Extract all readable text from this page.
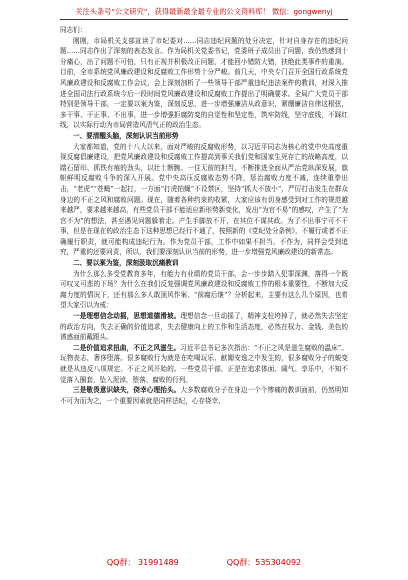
关注头条号“公文研究”，获得最新最全最专业的公文资料库！ 微信：gongwenyj
同志们：

刚刚，市局机关支部宣读了市纪委对……同志违纪问题的处分决定，针对自身存在的违纪问题……同志作出了深刻的表态发言。作为局机关党委书记，党委班子成员出了问题，我仍然感到十分痛心，出了问题不可怕，只有正视并积极改正问题，才能回小错防大错，扶绝此类事件的重演。目前，全市系统党风廉政建设和反腐败工作形势十分严峻。前几天，中央专门召开全国行政系统党风廉政建设和反腐败工作会议，会上深刻剖析了一些领导干部严重违纪违法案件的教训，对深入推进全国司法行政系统今后一段时间党风廉政建设和反腐败工作提出了明确要求。全局广大党员干部特别是领导干部，一定要以案为鉴，深刻反思，进一步增强廉洁从政意识，紧绷廉洁自律这根弦，多干事、干正事、不出事，进一步增强拒腐防变的自觉性和坚定性，筑牢防线，坚守底线，不踩红线，以实际行动为市局营造风清气正的政治生态。

一、要清醒头脑，深刻认识当前形势

大家都知道，党的十八大以来，面对严峻的反腐败形势，以习近平同志为核心的党中央高度重视反腐倡廉建设，把党风廉政建设和反腐败工作提高到事关我们党和国家生死存亡的战略高度，以踏石留印、抓铁有痕的劲头，以壮士断腕、一往无前的担当，不断推进全面从严治党纵深发展，旗帜鲜明反腐败斗争的深入开展。党中央高压反腐败态势不降，惩治腐败力度不减，连续重拳出击，“老虎”“苍蝇”一起打，一方面“打虎拍蝇”不设禁区，坚持“抓大不放小”，严厉打击发生在群众身边的不正之风和腐败问题。现在，随着各种约束的收紧，大家应该有切身感受到对工作的规范越来越严，要求越来越高，有些党员干部不能适应新形势新变化，发出“为官不易”的感叹，产生了“为官不为”的想法，甚至遇见问题躲着走。产生手脚放不开，在其位不谋其政。为了不出事宁可不干事，但是在现在的政治生态下这种思想已经行不通了，按照新的《党纪处分条例》，不履行或者不正确履行职责，就可能构成违纪行为。作为党员干部，工作中如果不担当、不作为，同样会受到追究，严重的还要问责，所以，我们要深刻认识当前的形势，进一步增强党风廉政建设的新常态。

二、要以案为鉴，深刻汲取沉痛教训

为什么那么多受党教育多年，有能力有业绩的党员干部，会一步步踏入犯罪深渊，落得一个既可叹又可悲的下场？为什么在我们反复强调党风廉政建设和反腐败工作的根本重要性，不断加大反腐力度的情况下，还有那么多人敢顶风作案、“前腐后继”？分析起来，主要有这么几个原因，也希望大家引以为戒：

一是理想信念动摇，思想道德滑坡。理想信念一旦动摇了，精神支柱垮掉了，就必然失去坚定的政治方向，失去正确的价值追求，失去健康向上的工作和生活态度，必然在权力、金钱、美色的诱惑面前戴跟头。

二是价值追求扭曲，不正之风滋生。习近平总书记多次指出：“不正之风是滋生腐败的温床”。玩物丧志，奢侈堕落。很多腐败行为就是在吃喝玩乐、献媚安逸之中发生的，很多腐败分子的蜕变就是从违反八项规定、不正之风开始的。一些党员干部，正是在追求体面、阔气、享乐中，不知不觉落入圈套，坠入泥淖，堕落、腐败的行列。

三是敬畏意识缺失，侥幸心理抬头。大多数腐败分子在身边一个个惨痛的教训面前，仍然明知不可为而为之，一个重要因素就是同样法纪，心存侥幸，

QQ群： 31991489	QQ群：535304092
